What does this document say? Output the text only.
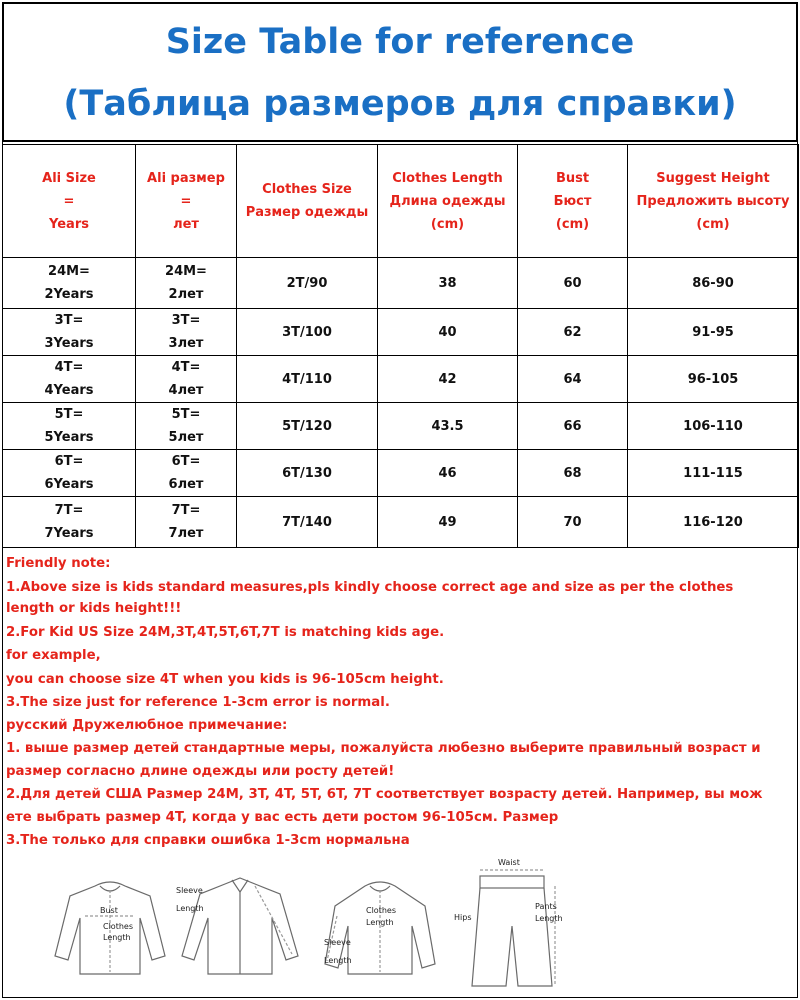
Size Table for reference
(Таблица размеров для справки)
Ali Size
=
Years	Ali размер
=
лет	Clothes Size
Размер одежды	Clothes Length
Длина одежды
(cm)	Bust
Бюст
(cm)	Suggest Height
Предложить высоту
(cm)

24M=
2Years	24M=
2лет	2T/90	38	60	86-90

3T=
3Years	3T=
3лет	3T/100	40	62	91-95

4T=
4Years	4T=
4лет	4T/110	42	64	96-105

5T=
5Years	5T=
5лет	5T/120	43.5	66	106-110

6T=
6Years	6T=
6лет	6T/130	46	68	111-115

7T=
7Years	7T=
7лет	7T/140	49	70	116-120
Friendly note:
1.Above size is kids standard measures,pls kindly choose correct age and size as per the clothes
length or kids height!!!
2.For Kid US Size 24M,3T,4T,5T,6T,7T is matching kids age.
for example,
you can choose size 4T when you kids is 96-105cm height.
3.The size just for reference 1-3cm error is normal.
русский Дружелюбное примечание:
1. выше размер детей стандартные меры, пожалуйста любезно выберите правильный возраст и
размер согласно длине одежды или росту детей!
2.Для детей США Размер 24M, 3T, 4T, 5T, 6T, 7T соответствует возрасту детей. Например, вы мож
ете выбрать размер 4T, когда у вас есть дети ростом 96-105см. Размер
3.The только для справки ошибка 1-3cm нормальна
Bust
Clothes
Length
Sleeve
Length	Clothes
Length
Sleeve
Length
Waist
Hips
Pants
Length
